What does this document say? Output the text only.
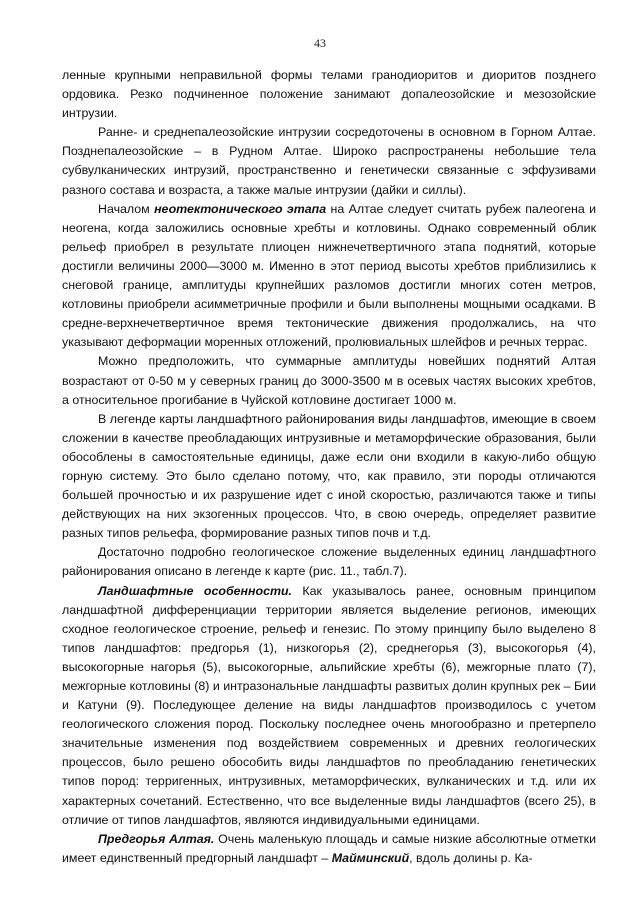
43

ленные крупными неправильной формы телами гранодиоритов и диоритов позднего ордовика. Резко подчиненное положение занимают допалеозойские и мезозойские интрузии.

Ранне- и среднепалеозойские интрузии сосредоточены в основном в Горном Алтае. Позднепалеозойские – в Рудном Алтае. Широко распространены небольшие тела субвулканических интрузий, пространственно и генетически связанные с эффузивами разного состава и возраста, а также малые интрузии (дайки и силлы).

Началом неотектонического этапа на Алтае следует считать рубеж палеогена и неогена, когда заложились основные хребты и котловины. Однако современный облик рельеф приобрел в результате плиоцен нижнечетвертичного этапа поднятий, которые достигли величины 2000—3000 м. Именно в этот период высоты хребтов приблизились к снеговой границе, амплитуды крупнейших разломов достигли многих сотен метров, котловины приобрели асимметричные профили и были выполнены мощными осадками. В средне-верхнечетвертичное время тектонические движения продолжались, на что указывают деформации моренных отложений, пролювиальных шлейфов и речных террас.

Можно предположить, что суммарные амплитуды новейших поднятий Алтая возрастают от 0-50 м у северных границ до 3000-3500 м в осевых частях высоких хребтов, а относительное прогибание в Чуйской котловине достигает 1000 м.

В легенде карты ландшафтного районирования виды ландшафтов, имеющие в своем сложении в качестве преобладающих интрузивные и метаморфические образования, были обособлены в самостоятельные единицы, даже если они входили в какую-либо общую горную систему. Это было сделано потому, что, как правило, эти породы отличаются большей прочностью и их разрушение идет с иной скоростью, различаются также и типы действующих на них экзогенных процессов. Что, в свою очередь, определяет развитие разных типов рельефа, формирование разных типов почв и т.д.

Достаточно подробно геологическое сложение выделенных единиц ландшафтного районирования описано в легенде к карте (рис. 11., табл.7).

Ландшафтные особенности. Как указывалось ранее, основным принципом ландшафтной дифференциации территории является выделение регионов, имеющих сходное геологическое строение, рельеф и генезис. По этому принципу было выделено 8 типов ландшафтов: предгорья (1), низкогорья (2), среднегорья (3), высокогорья (4), высокогорные нагорья (5), высокогорные, альпийские хребты (6), межгорные плато (7), межгорные котловины (8) и интразональные ландшафты развитых долин крупных рек – Бии и Катуни (9). Последующее деление на виды ландшафтов производилось с учетом геологического сложения пород. Поскольку последнее очень многообразно и претерпело значительные изменения под воздействием современных и древних геологических процессов, было решено обособить виды ландшафтов по преобладанию генетических типов пород: терригенных, интрузивных, метаморфических, вулканических и т.д. или их характерных сочетаний. Естественно, что все выделенные виды ландшафтов (всего 25), в отличие от типов ландшафтов, являются индивидуальными единицами.

Предгорья Алтая. Очень маленькую площадь и самые низкие абсолютные отметки имеет единственный предгорный ландшафт – Майминский, вдоль долины р. Ка-
